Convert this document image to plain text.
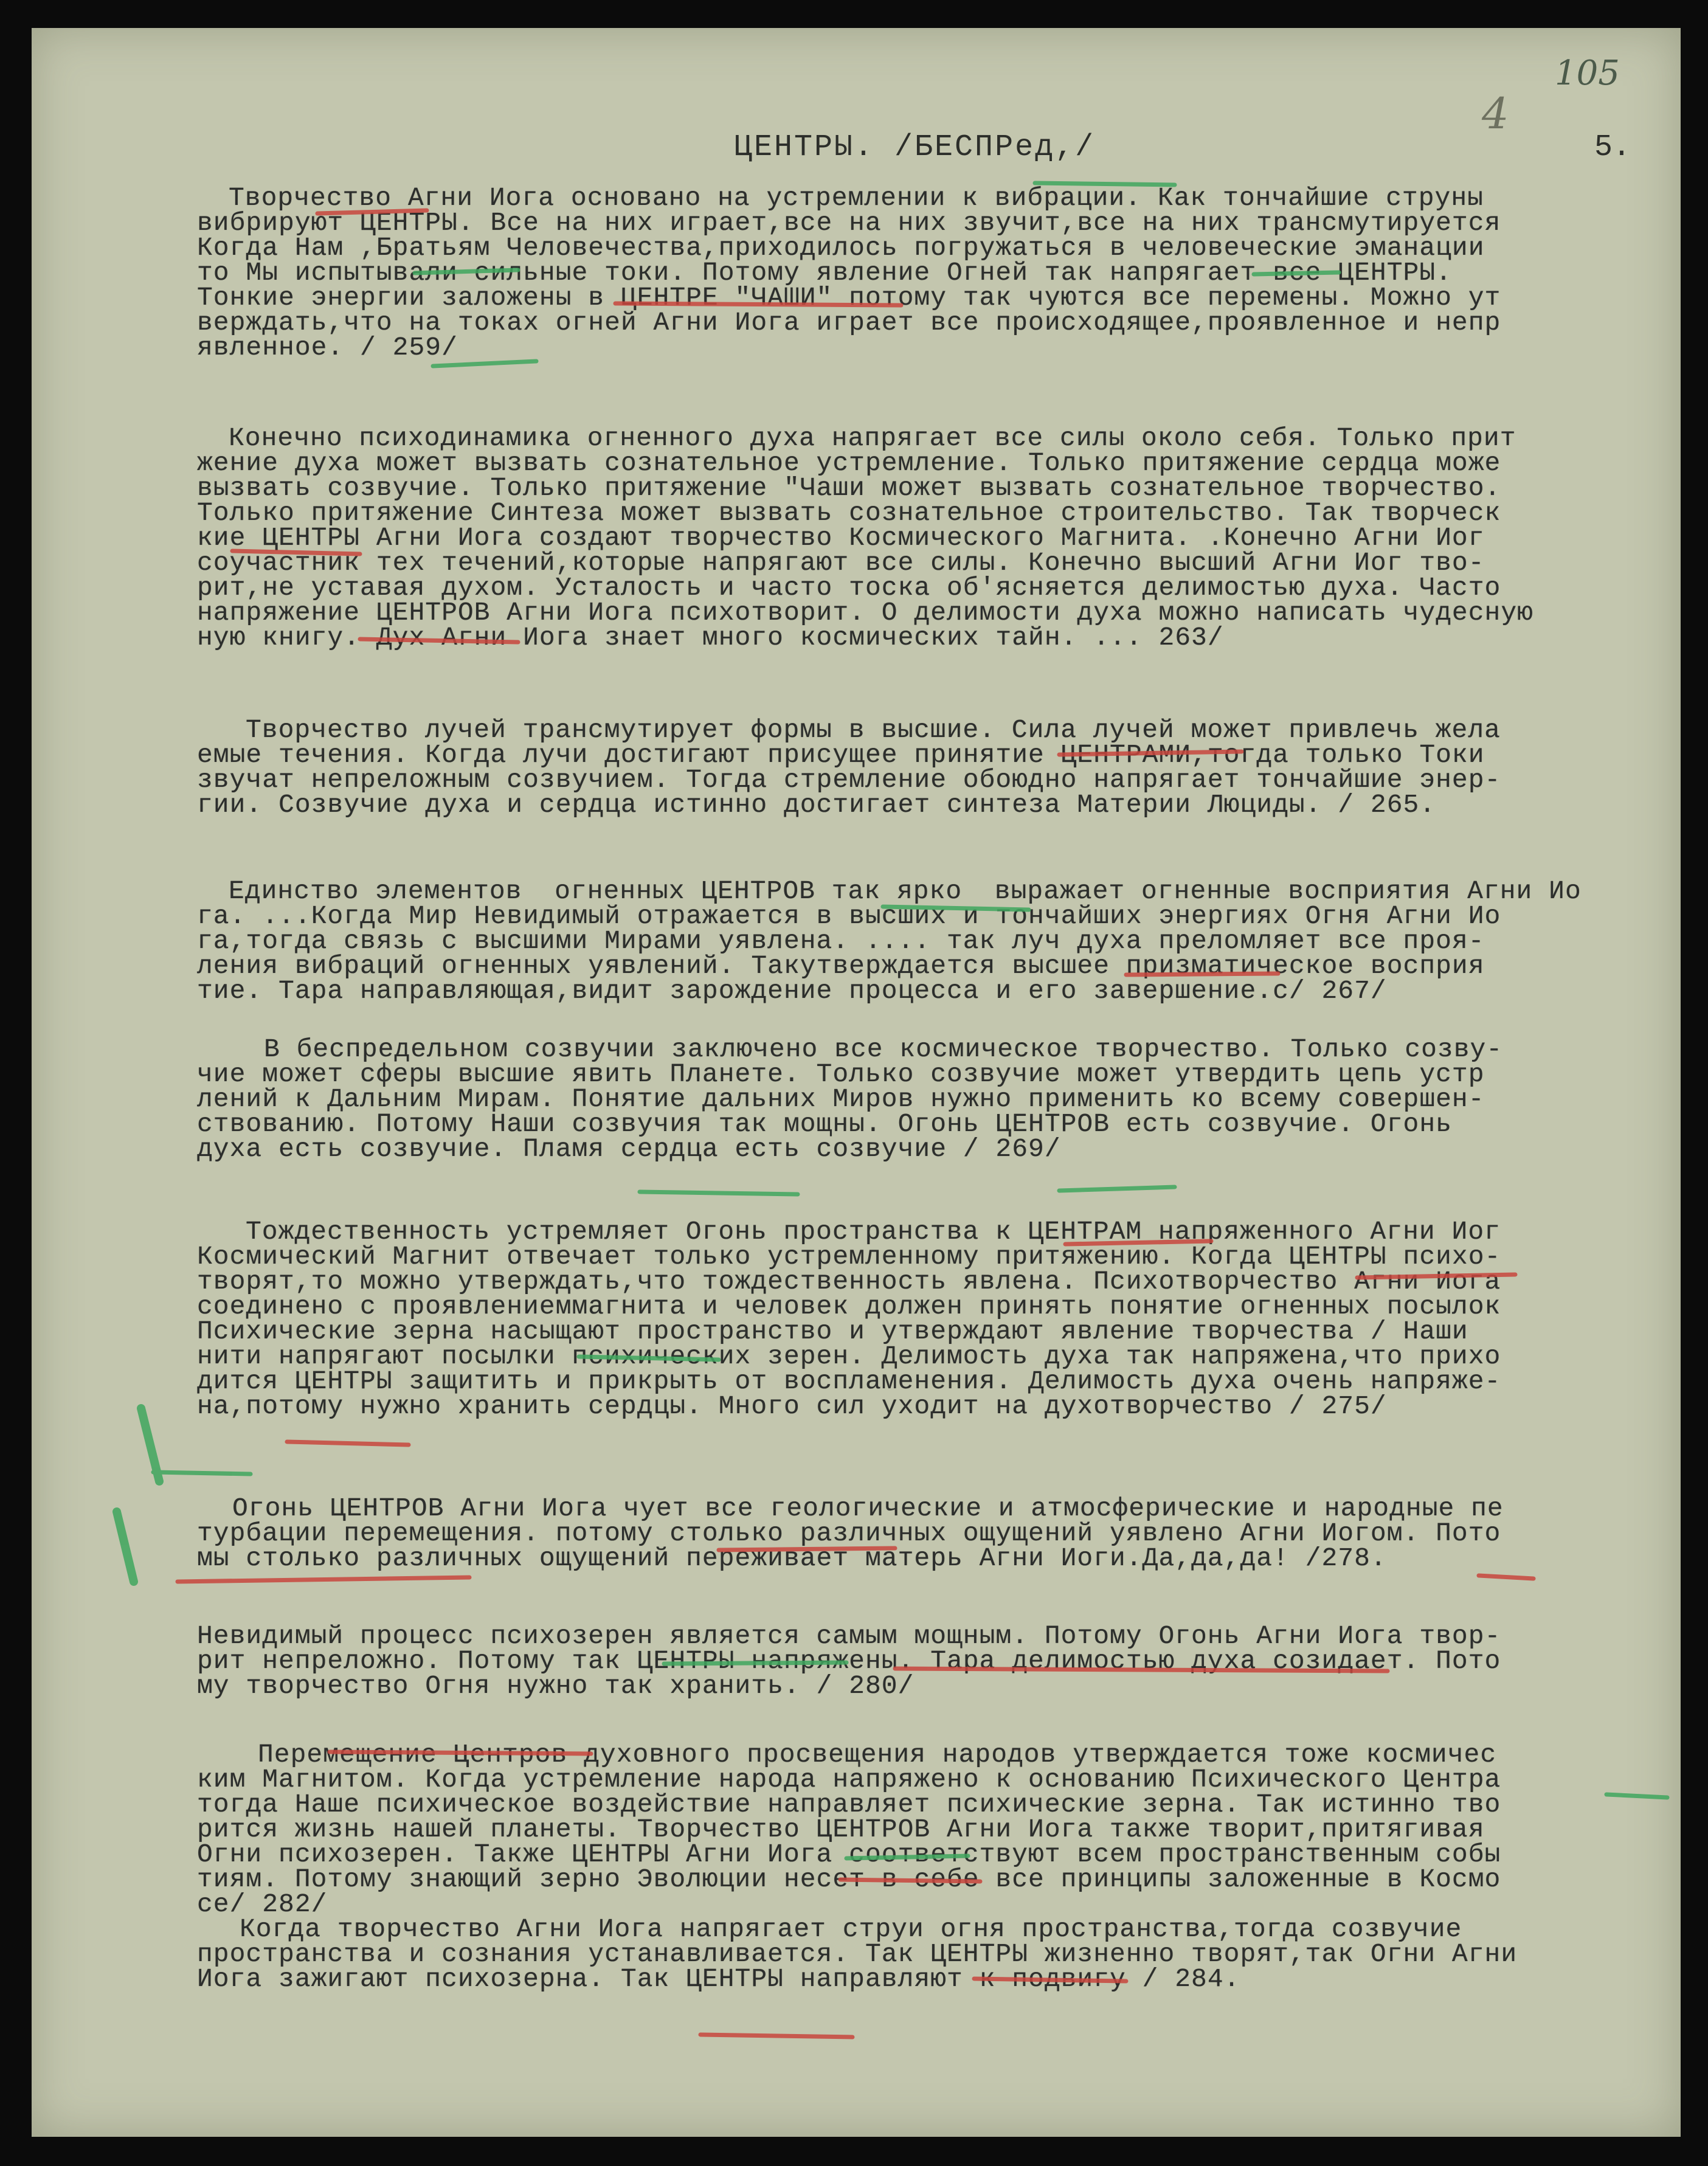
105
4
ЦЕНТРЫ. /БЕСПРед,/	5.
Творчество Агни Иога основано на устремлении к вибрации. Как тончайшие струны
вибрируют ЦЕНТРЫ. Все на них играет,все на них звучит,все на них трансмутируется
Когда Нам ,Братьям Человечества,приходилось погружаться в человеческие эманации
то Мы испытывали сильные токи. Потому явление Огней так напрягает все ЦЕНТРЫ.
Тонкие энергии заложены в ЦЕНТРЕ "ЧАШИ" потому так чуются все перемены. Можно ут
верждать,что на токах огней Агни Иога играет все происходящее,проявленное и непр
явленное. / 259/
Конечно психодинамика огненного духа напрягает все силы около себя. Только прит
жение духа может вызвать сознательное устремление. Только притяжение сердца може
вызвать созвучие. Только притяжение "Чаши может вызвать сознательное творчество.
Только притяжение Синтеза может вызвать сознательное строительство. Так творческ
кие ЦЕНТРЫ Агни Иога создают творчество Космического Магнита. .Конечно Агни Иог
соучастник тех течений,которые напрягают все силы. Конечно высший Агни Иог тво-
рит,не уставая духом. Усталость и часто тоска об'ясняется делимостью духа. Часто
напряжение ЦЕНТРОВ Агни Иога психотворит. О делимости духа можно написать чудесную
ную книгу. Дух Агни Иога знает много космических тайн. ... 263/
Творчество лучей трансмутирует формы в высшие. Сила лучей может привлечь жела
емые течения. Когда лучи достигают присущее принятие ЦЕНТРАМИ,тогда только Токи
звучат непреложным созвучием. Тогда стремление обоюдно напрягает тончайшие энер-
гии. Созвучие духа и сердца истинно достигает синтеза Материи Люциды. / 265.
Единство элементов  огненных ЦЕНТРОВ так ярко  выражает огненные восприятия Агни Ио
га. ...Когда Мир Невидимый отражается в высших и тончайших энергиях Огня Агни Ио
га,тогда связь с высшими Мирами уявлена. .... так луч духа преломляет все проя-
ления вибраций огненных уявлений. Такутверждается высшее призматическое восприя
тие. Тара направляющая,видит зарождение процесса и его завершение.с/ 267/
В беспредельном созвучии заключено все космическое творчество. Только созву-
чие может сферы высшие явить Планете. Только созвучие может утвердить цепь устр
лений к Дальним Мирам. Понятие дальних Миров нужно применить ко всему совершен-
ствованию. Потому Наши созвучия так мощны. Огонь ЦЕНТРОВ есть созвучие. Огонь
духа есть созвучие. Пламя сердца есть созвучие / 269/
Тождественность устремляет Огонь пространства к ЦЕНТРАМ напряженного Агни Иог
Космический Магнит отвечает только устремленному притяжению. Когда ЦЕНТРЫ психо-
творят,то можно утверждать,что тождественность явлена. Психотворчество Агни Иога
соединено с проявлениеммагнита и человек должен принять понятие огненных посылок
Психические зерна насыщают пространство и утверждают явление творчества / Наши
нити напрягают посылки психических зерен. Делимость духа так напряжена,что прихо
дится ЦЕНТРЫ защитить и прикрыть от воспламенения. Делимость духа очень напряже-
на,потому нужно хранить сердцы. Много сил уходит на духотворчество / 275/
Огонь ЦЕНТРОВ Агни Иога чует все геологические и атмосферические и народные пе
турбации перемещения. потому столько различных ощущений уявлено Агни Иогом. Пото
мы столько различных ощущений переживает матерь Агни Иоги.Да,да,да! /278.
Невидимый процесс психозерен является самым мощным. Потому Огонь Агни Иога твор-
рит непреложно. Потому так ЦЕНТРЫ напряжены. Тара делимостью духа созидает. Пото
му творчество Огня нужно так хранить. / 280/
Перемещение Центров духовного просвещения народов утверждается тоже космичес
ким Магнитом. Когда устремление народа напряжено к основанию Психического Центра
тогда Наше психическое воздействие направляет психические зерна. Так истинно тво
рится жизнь нашей планеты. Творчество ЦЕНТРОВ Агни Иога также творит,притягивая
Огни психозерен. Также ЦЕНТРЫ Агни Иога соответствуют всем пространственным собы
тиям. Потому знающий зерно Эволюции несет в себе все принципы заложенные в Космо
се/ 282/
Когда творчество Агни Иога напрягает струи огня пространства,тогда созвучие
пространства и сознания устанавливается. Так ЦЕНТРЫ жизненно творят,так Огни Агни
Иога зажигают психозерна. Так ЦЕНТРЫ направляют к подвигу / 284.
